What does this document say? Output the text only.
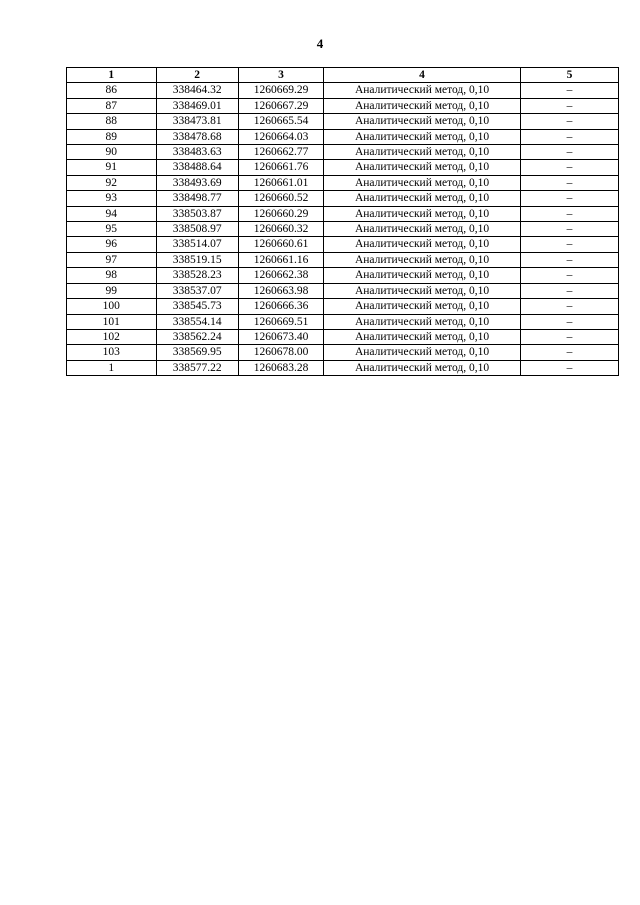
4
1	2	3	4	5
86	338464.32	1260669.29	Аналитический метод, 0,10	–
87	338469.01	1260667.29	Аналитический метод, 0,10	–
88	338473.81	1260665.54	Аналитический метод, 0,10	–
89	338478.68	1260664.03	Аналитический метод, 0,10	–
90	338483.63	1260662.77	Аналитический метод, 0,10	–
91	338488.64	1260661.76	Аналитический метод, 0,10	–
92	338493.69	1260661.01	Аналитический метод, 0,10	–
93	338498.77	1260660.52	Аналитический метод, 0,10	–
94	338503.87	1260660.29	Аналитический метод, 0,10	–
95	338508.97	1260660.32	Аналитический метод, 0,10	–
96	338514.07	1260660.61	Аналитический метод, 0,10	–
97	338519.15	1260661.16	Аналитический метод, 0,10	–
98	338528.23	1260662.38	Аналитический метод, 0,10	–
99	338537.07	1260663.98	Аналитический метод, 0,10	–
100	338545.73	1260666.36	Аналитический метод, 0,10	–
101	338554.14	1260669.51	Аналитический метод, 0,10	–
102	338562.24	1260673.40	Аналитический метод, 0,10	–
103	338569.95	1260678.00	Аналитический метод, 0,10	–
1	338577.22	1260683.28	Аналитический метод, 0,10	–
